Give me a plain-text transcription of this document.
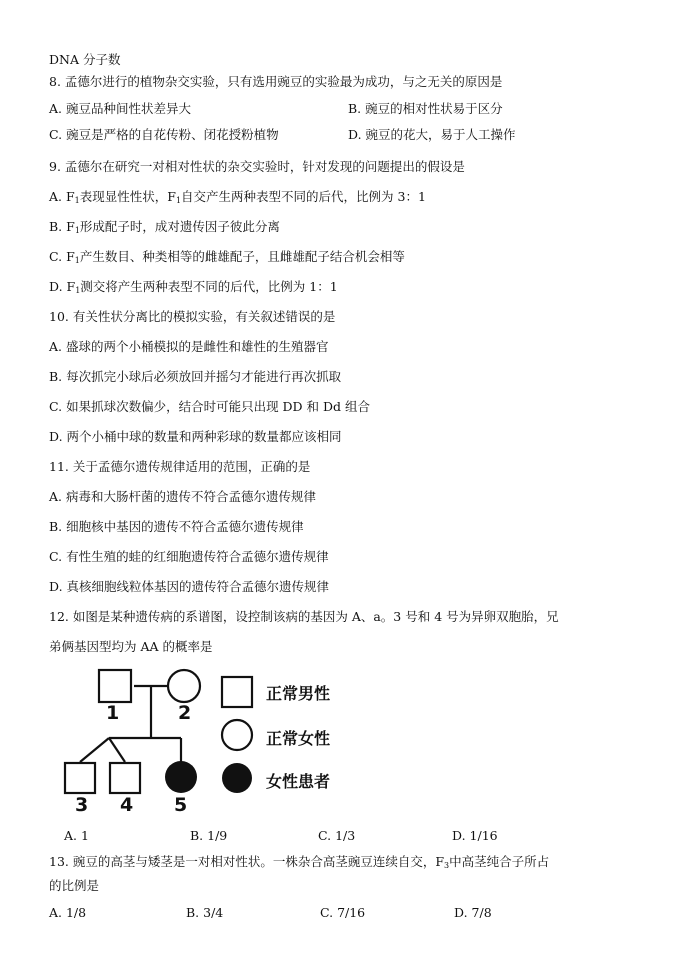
DNA 分子数
8. 孟德尔进行的植物杂交实验，只有选用豌豆的实验最为成功，与之无关的原因是
A. 豌豆品种间性状差异大	B. 豌豆的相对性状易于区分
C. 豌豆是严格的自花传粉、闭花授粉植物	D. 豌豆的花大，易于人工操作
9. 孟德尔在研究一对相对性状的杂交实验时，针对发现的问题提出的假设是
A. $F_1$表现显性性状，$F_1$自交产生两种表型不同的后代，比例为 3：1
B. $F_1$形成配子时，成对遗传因子彼此分离
C. $F_1$产生数目、种类相等的雌雄配子，且雌雄配子结合机会相等
D. $F_1$测交将产生两种表型不同的后代，比例为 1：1
10. 有关性状分离比的模拟实验，有关叙述错误的是
A. 盛球的两个小桶模拟的是雌性和雄性的生殖器官
B. 每次抓完小球后必须放回并摇匀才能进行再次抓取
C. 如果抓球次数偏少，结合时可能只出现 DD 和 Dd 组合
D. 两个小桶中球的数量和两种彩球的数量都应该相同
11. 关于孟德尔遗传规律适用的范围，正确的是
A. 病毒和大肠杆菌的遗传不符合孟德尔遗传规律
B. 细胞核中基因的遗传不符合孟德尔遗传规律
C. 有性生殖的蛙的红细胞遗传符合孟德尔遗传规律
D. 真核细胞线粒体基因的遗传符合孟德尔遗传规律
12. 如图是某种遗传病的系谱图，设控制该病的基因为 A、a。3 号和 4 号为异卵双胞胎，兄
弟俩基因型均为 AA 的概率是
1	2
3 4 5
正常男性
正常女性
女性患者
A. 1	B. 1/9	C. 1/3	D. 1/16
13. 豌豆的高茎与矮茎是一对相对性状。一株杂合高茎豌豆连续自交，$F_3$中高茎纯合子所占
的比例是
A. 1/8	B. 3/4	C. 7/16	D. 7/8
